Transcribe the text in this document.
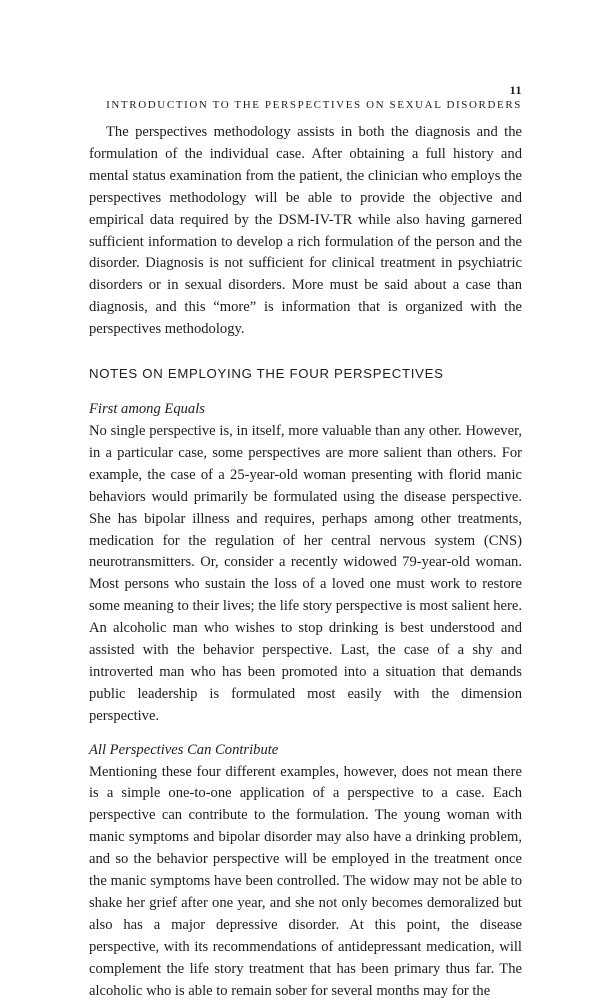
11
INTRODUCTION TO THE PERSPECTIVES ON SEXUAL DISORDERS

The perspectives methodology assists in both the diagnosis and the formulation of the individual case. After obtaining a full history and mental status examination from the patient, the clinician who employs the perspectives methodology will be able to provide the objective and empirical data required by the DSM-IV-TR while also having garnered sufficient information to develop a rich formulation of the person and the disorder. Diagnosis is not sufficient for clinical treatment in psychiatric disorders or in sexual disorders. More must be said about a case than diagnosis, and this “more” is information that is organized with the perspectives methodology.

NOTES ON EMPLOYING THE FOUR PERSPECTIVES

First among Equals

No single perspective is, in itself, more valuable than any other. However, in a particular case, some perspectives are more salient than others. For example, the case of a 25-year-old woman presenting with florid manic behaviors would primarily be formulated using the disease perspective. She has bipolar illness and requires, perhaps among other treatments, medication for the regulation of her central nervous system (CNS) neurotransmitters. Or, consider a recently widowed 79-year-old woman. Most persons who sustain the loss of a loved one must work to restore some meaning to their lives; the life story perspective is most salient here. An alcoholic man who wishes to stop drinking is best understood and assisted with the behavior perspective. Last, the case of a shy and introverted man who has been promoted into a situation that demands public leadership is formulated most easily with the dimension perspective.

All Perspectives Can Contribute

Mentioning these four different examples, however, does not mean there is a simple one-to-one application of a perspective to a case. Each perspective can contribute to the formulation. The young woman with manic symptoms and bipolar disorder may also have a drinking problem, and so the behavior perspective will be employed in the treatment once the manic symptoms have been controlled. The widow may not be able to shake her grief after one year, and she not only becomes demoralized but also has a major depressive disorder. At this point, the disease perspective, with its recommendations of antidepressant medication, will complement the life story treatment that has been primary thus far. The alcoholic who is able to remain sober for several months may for the
